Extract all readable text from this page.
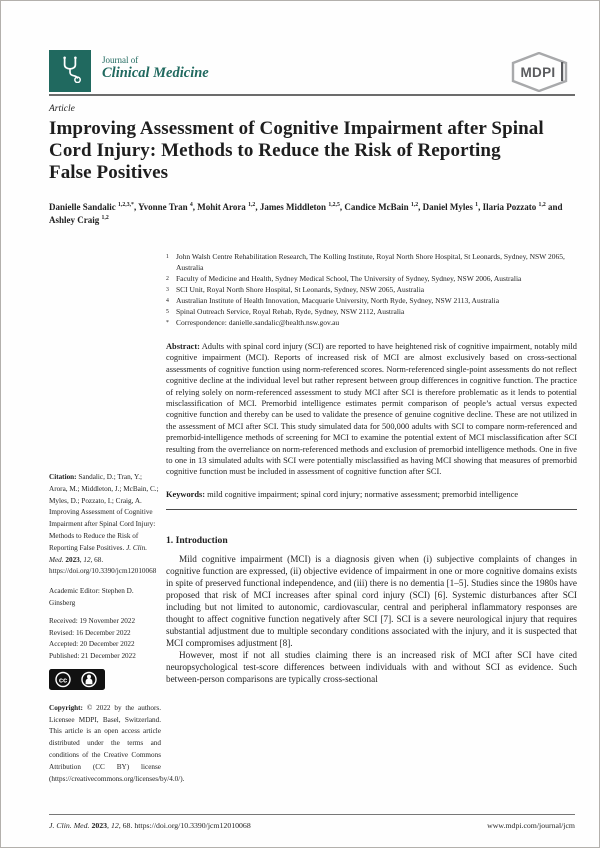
Journal of
Clinical Medicine	MDPI
Article
Improving Assessment of Cognitive Impairment after Spinal
Cord Injury: Methods to Reduce the Risk of Reporting
False Positives
Danielle Sandalic $^{1,2,3,*}$, Yvonne Tran $^4$, Mohit Arora $^{1,2}$, James Middleton $^{1,2,5}$, Candice McBain $^{1,2}$, Daniel Myles $^1$, Ilaria Pozzato $^{1,2}$ and Ashley Craig $^{1,2}$
1 John Walsh Centre Rehabilitation Research, The Kolling Institute, Royal North Shore Hospital, St Leonards, Sydney, NSW 2065, Australia
2 Faculty of Medicine and Health, Sydney Medical School, The University of Sydney, Sydney, NSW 2006, Australia
3 SCI Unit, Royal North Shore Hospital, St Leonards, Sydney, NSW 2065, Australia
4 Australian Institute of Health Innovation, Macquarie University, North Ryde, Sydney, NSW 2113, Australia
5 Spinal Outreach Service, Royal Rehab, Ryde, Sydney, NSW 2112, Australia
* Correspondence: danielle.sandalic@health.nsw.gov.au

Abstract: Adults with spinal cord injury (SCI) are reported to have heightened risk of cognitive impairment, notably mild cognitive impairment (MCI). Reports of increased risk of MCI are almost exclusively based on cross-sectional assessments of cognitive function using norm-referenced scores. Norm-referenced single-point assessments do not reflect cognitive decline at the individual level but rather represent between group differences in cognitive function. The practice of relying solely on norm-referenced assessment to study MCI after SCI is therefore problematic as it lends to potential misclassification of MCI. Premorbid intelligence estimates permit comparison of people’s actual versus expected cognitive function and thereby can be used to validate the presence of genuine cognitive decline. These are not utilized in the assessment of MCI after SCI. This study simulated data for 500,000 adults with SCI to compare norm-referenced and premorbid-intelligence methods of screening for MCI to examine the potential extent of MCI misclassification after SCI resulting from the overreliance on norm-referenced methods and exclusion of premorbid intelligence methods. One in five to one in 13 simulated adults with SCI were potentially misclassified as having MCI showing that measures of premorbid cognitive function must be included in assessment of cognitive function after SCI.

Keywords: mild cognitive impairment; spinal cord injury; normative assessment; premorbid intelligence

1. Introduction

Mild cognitive impairment (MCI) is a diagnosis given when (i) subjective complaints of changes in cognitive function are expressed, (ii) objective evidence of impairment in one or more cognitive domains exists in spite of preserved functional independence, and (iii) there is no dementia [1–5]. Studies since the 1980s have proposed that risk of MCI increases after spinal cord injury (SCI) [6]. Systemic disturbances after SCI including but not limited to autonomic, cardiovascular, central and peripheral inflammatory responses are thought to affect cognitive function negatively after SCI [7]. SCI is a severe neurological injury that requires substantial adjustment due to multiple secondary conditions associated with the injury, and it is suspected that MCI compromises adjustment [8].

However, most if not all studies claiming there is an increased risk of MCI after SCI have cited neuropsychological test-score differences between individuals with and without SCI as evidence. Such between-person comparisons are typically cross-sectional

Citation: Sandalic, D.; Tran, Y.; Arora, M.; Middleton, J.; McBain, C.; Myles, D.; Pozzato, I.; Craig, A. Improving Assessment of Cognitive Impairment after Spinal Cord Injury: Methods to Reduce the Risk of Reporting False Positives. J. Clin. Med. 2023, 12, 68. https://doi.org/10.3390/jcm12010068

Academic Editor: Stephen D. Ginsberg

Received: 19 November 2022
Revised: 16 December 2022
Accepted: 20 December 2022
Published: 21 December 2022
cc

Copyright: © 2022 by the authors. Licensee MDPI, Basel, Switzerland. This article is an open access article distributed under the terms and conditions of the Creative Commons Attribution (CC BY) license (https://creativecommons.org/licenses/by/4.0/).

J. Clin. Med. 2023, 12, 68. https://doi.org/10.3390/jcm12010068	www.mdpi.com/journal/jcm
